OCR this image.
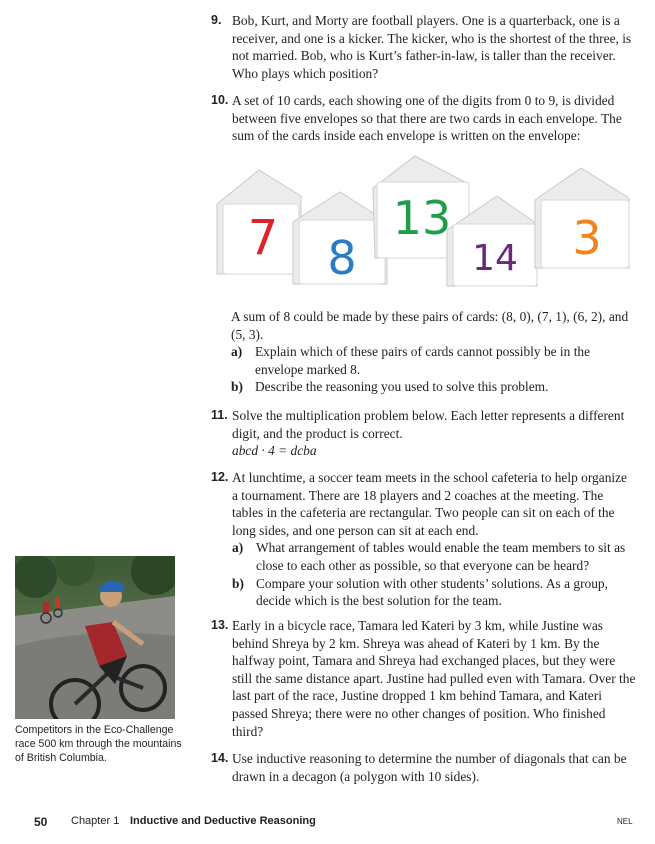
9. Bob, Kurt, and Morty are football players. One is a quarterback, one is a receiver, and one is a kicker. The kicker, who is the shortest of the three, is not married. Bob, who is Kurt’s father-in-law, is taller than the receiver. Who plays which position?
10. A set of 10 cards, each showing one of the digits from 0 to 9, is divided between five envelopes so that there are two cards in each envelope. The sum of the cards inside each envelope is written on the envelope:
7 8
13
14 3
A sum of 8 could be made by these pairs of cards: (8, 0), (7, 1), (6, 2), and (5, 3).
a) Explain which of these pairs of cards cannot possibly be in the envelope marked 8.
b) Describe the reasoning you used to solve this problem.
11. Solve the multiplication problem below. Each letter represents a different digit, and the product is correct.
abcd · 4 = dcba
12. At lunchtime, a soccer team meets in the school cafeteria to help organize a tournament. There are 18 players and 2 coaches at the meeting. The tables in the cafeteria are rectangular. Two people can sit on each of the long sides, and one person can sit at each end.
a) What arrangement of tables would enable the team members to sit as close to each other as possible, so that everyone can be heard?
b) Compare your solution with other students’ solutions. As a group, decide which is the best solution for the team.
13. Early in a bicycle race, Tamara led Kateri by 3 km, while Justine was behind Shreya by 2 km. Shreya was ahead of Kateri by 1 km. By the halfway point, Tamara and Shreya had exchanged places, but they were still the same distance apart. Justine had pulled even with Tamara. Over the last part of the race, Justine dropped 1 km behind Tamara, and Kateri passed Shreya; there were no other changes of position. Who finished third?
14. Use inductive reasoning to determine the number of diagonals that can be drawn in a decagon (a polygon with 10 sides).
Competitors in the Eco-Challenge race 500 km through the mountains of British Columbia.
50 Chapter 1 Inductive and Deductive Reasoning	NEL
